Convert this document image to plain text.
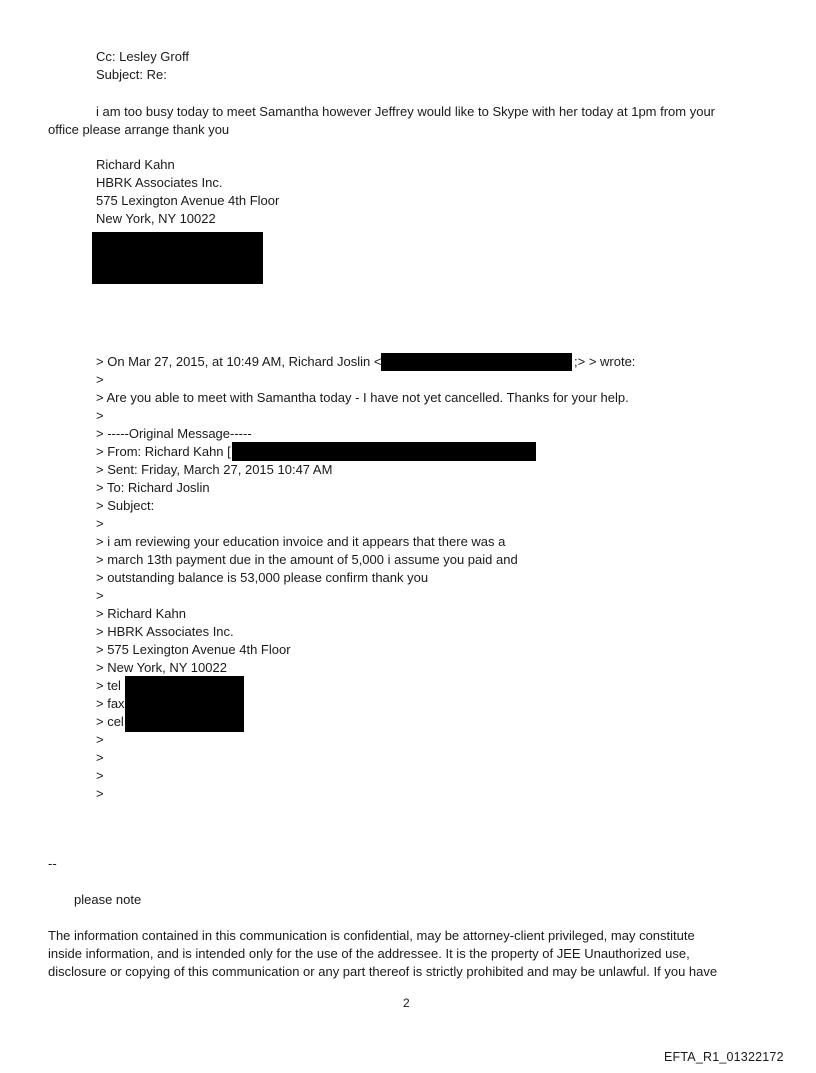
Cc: Lesley Groff
Subject: Re:
i am too busy today to meet Samantha however Jeffrey would like to Skype with her today at 1pm from your
office please arrange thank you
Richard Kahn
HBRK Associates Inc.
575 Lexington Avenue 4th Floor
New York, NY 10022
> On Mar 27, 2015, at 10:49 AM, Richard Joslin <	;> > wrote:
>
> Are you able to meet with Samantha today - I have not yet cancelled. Thanks for your help.
>
> -----Original Message-----
> From: Richard Kahn [
> Sent: Friday, March 27, 2015 10:47 AM
> To: Richard Joslin
> Subject:
>
> i am reviewing your education invoice and it appears that there was a
> march 13th payment due in the amount of 5,000 i assume you paid and
> outstanding balance is 53,000 please confirm thank you
>
> Richard Kahn
> HBRK Associates Inc.
> 575 Lexington Avenue 4th Floor
> New York, NY 10022
> tel
> fax
> cel
>
>
>
>
--
please note
The information contained in this communication is confidential, may be attorney-client privileged, may constitute
inside information, and is intended only for the use of the addressee. It is the property of JEE Unauthorized use,
disclosure or copying of this communication or any part thereof is strictly prohibited and may be unlawful. If you have
2
EFTA_R1_01322172
